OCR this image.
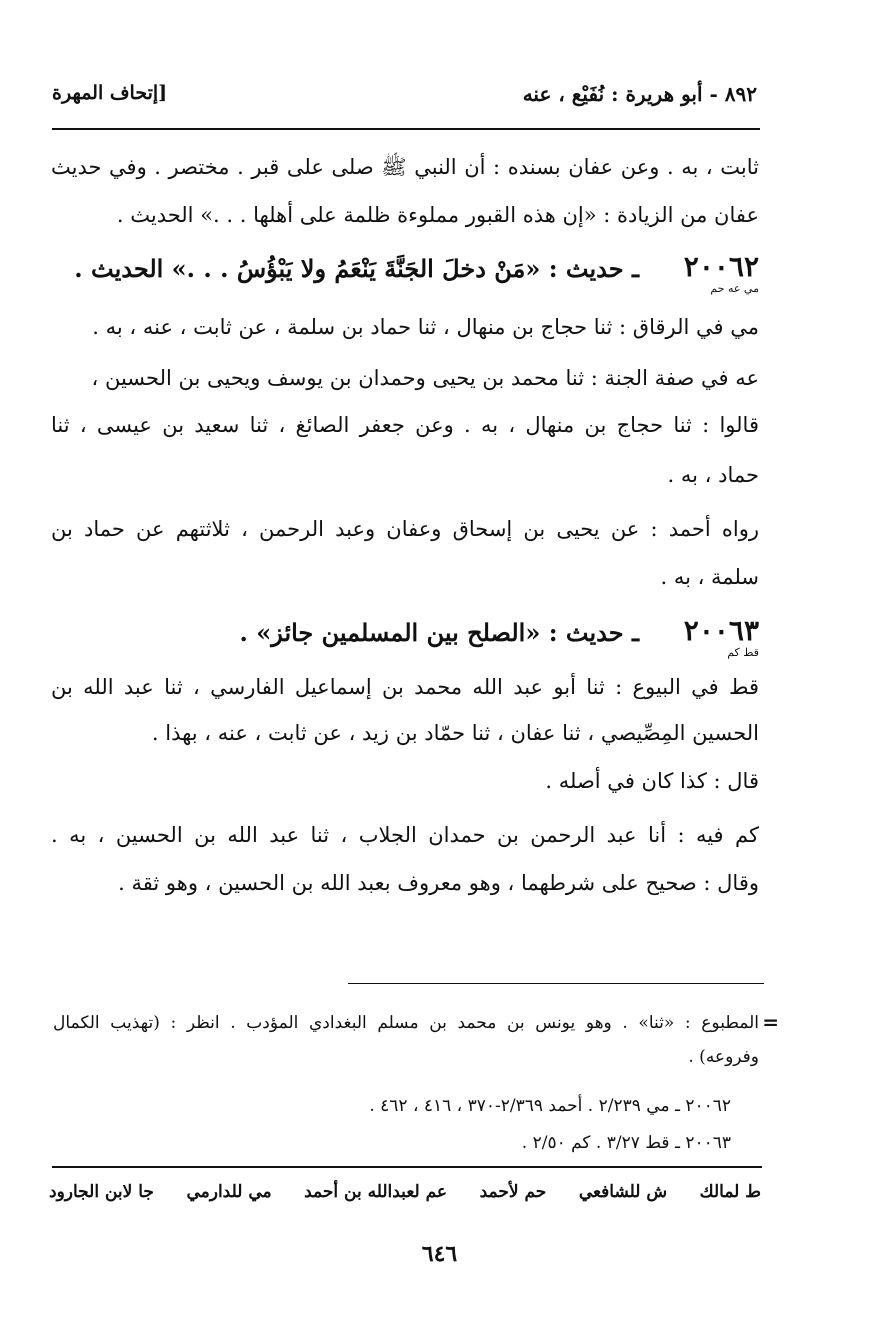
٨٩٢ - أبو هريرة : نُفَيْع ، عنه
[إتحاف المهرة
ثابت ، به . وعن عفان بسنده : أن النبي ﷺ صلى على قبر . مختصر . وفي حديث
عفان من الزيادة : «إن هذه القبور مملوءة ظلمة على أهلها . . .» الحديث .
٢٠٠٦٢
مي عه حم
ـ حديث : «مَنْ دخلَ الجَنَّةَ يَنْعَمُ ولا يَبْؤُسُ . . .» الحديث .
مي في الرقاق : ثنا حجاج بن منهال ، ثنا حماد بن سلمة ، عن ثابت ، عنه ، به .
عه في صفة الجنة : ثنا محمد بن يحيى وحمدان بن يوسف ويحيى بن الحسين ،
قالوا : ثنا حجاج بن منهال ، به . وعن جعفر الصائغ ، ثنا سعيد بن عيسى ، ثنا
حماد ، به .
رواه أحمد : عن يحيى بن إسحاق وعفان وعبد الرحمن ، ثلاثتهم عن حماد بن
سلمة ، به .
٢٠٠٦٣
قط كم
ـ حديث : «الصلح بين المسلمين جائز» .
قط في البيوع : ثنا أبو عبد الله محمد بن إسماعيل الفارسي ، ثنا عبد الله بن
الحسين المِصِّيصي ، ثنا عفان ، ثنا حمّاد بن زيد ، عن ثابت ، عنه ، بهذا .
قال : كذا كان في أصله .
كم فيه : أنا عبد الرحمن بن حمدان الجلاب ، ثنا عبد الله بن الحسين ، به .
وقال : صحيح على شرطهما ، وهو معروف بعبد الله بن الحسين ، وهو ثقة .
=
المطبوع : «ثنا» . وهو يونس بن محمد بن مسلم البغدادي المؤدب . انظر : (تهذيب الكمال
وفروعه) .
٢٠٠٦٢ ـ مي ٢/٢٣٩ . أحمد ٢/٣٦٩-٣٧٠ ، ٤١٦ ، ٤٦٢ .
٢٠٠٦٣ ـ قط ٣/٢٧ . كم ٢/٥٠ .
ط لمالك
ش للشافعي
حم لأحمد
عم لعبدالله بن أحمد
مي للدارمي
جا لابن الجارود
٦٤٦
